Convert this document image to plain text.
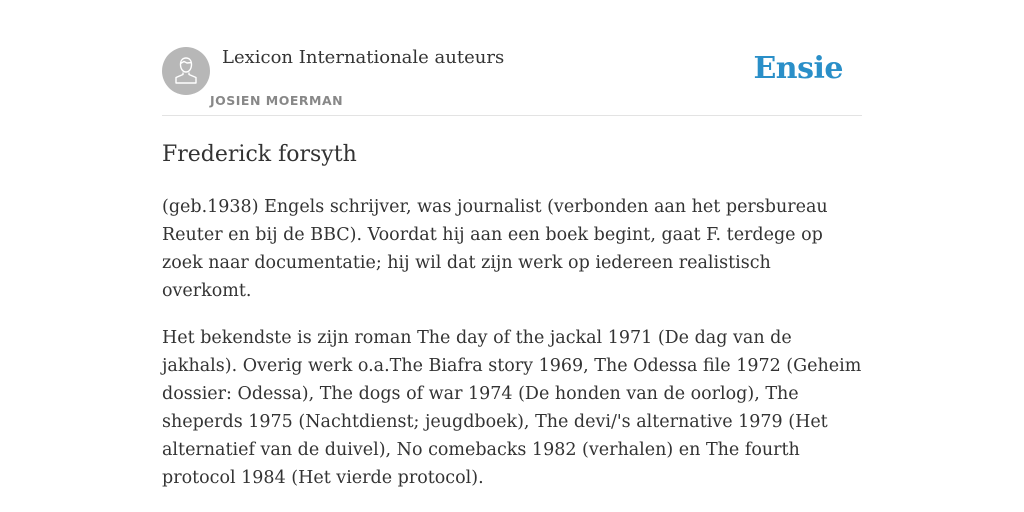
Lexicon Internationale auteurs
JOSIEN MOERMAN
Ensie
Frederick forsyth

(geb.1938) Engels schrijver, was journalist (verbonden aan het persbureau Reuter en bij de BBC). Voordat hij aan een boek begint, gaat F. terdege op zoek naar documentatie; hij wil dat zijn werk op iedereen realistisch overkomt.

Het bekendste is zijn roman The day of the jackal 1971 (De dag van de jakhals). Overig werk o.a.The Biafra story 1969, The Odessa file 1972 (Geheim dossier: Odessa), The dogs of war 1974 (De honden van de oorlog), The sheperds 1975 (Nachtdienst; jeugdboek), The devi/'s alternative 1979 (Het alternatief van de duivel), No comebacks 1982 (verhalen) en The fourth protocol 1984 (Het vierde protocol).
